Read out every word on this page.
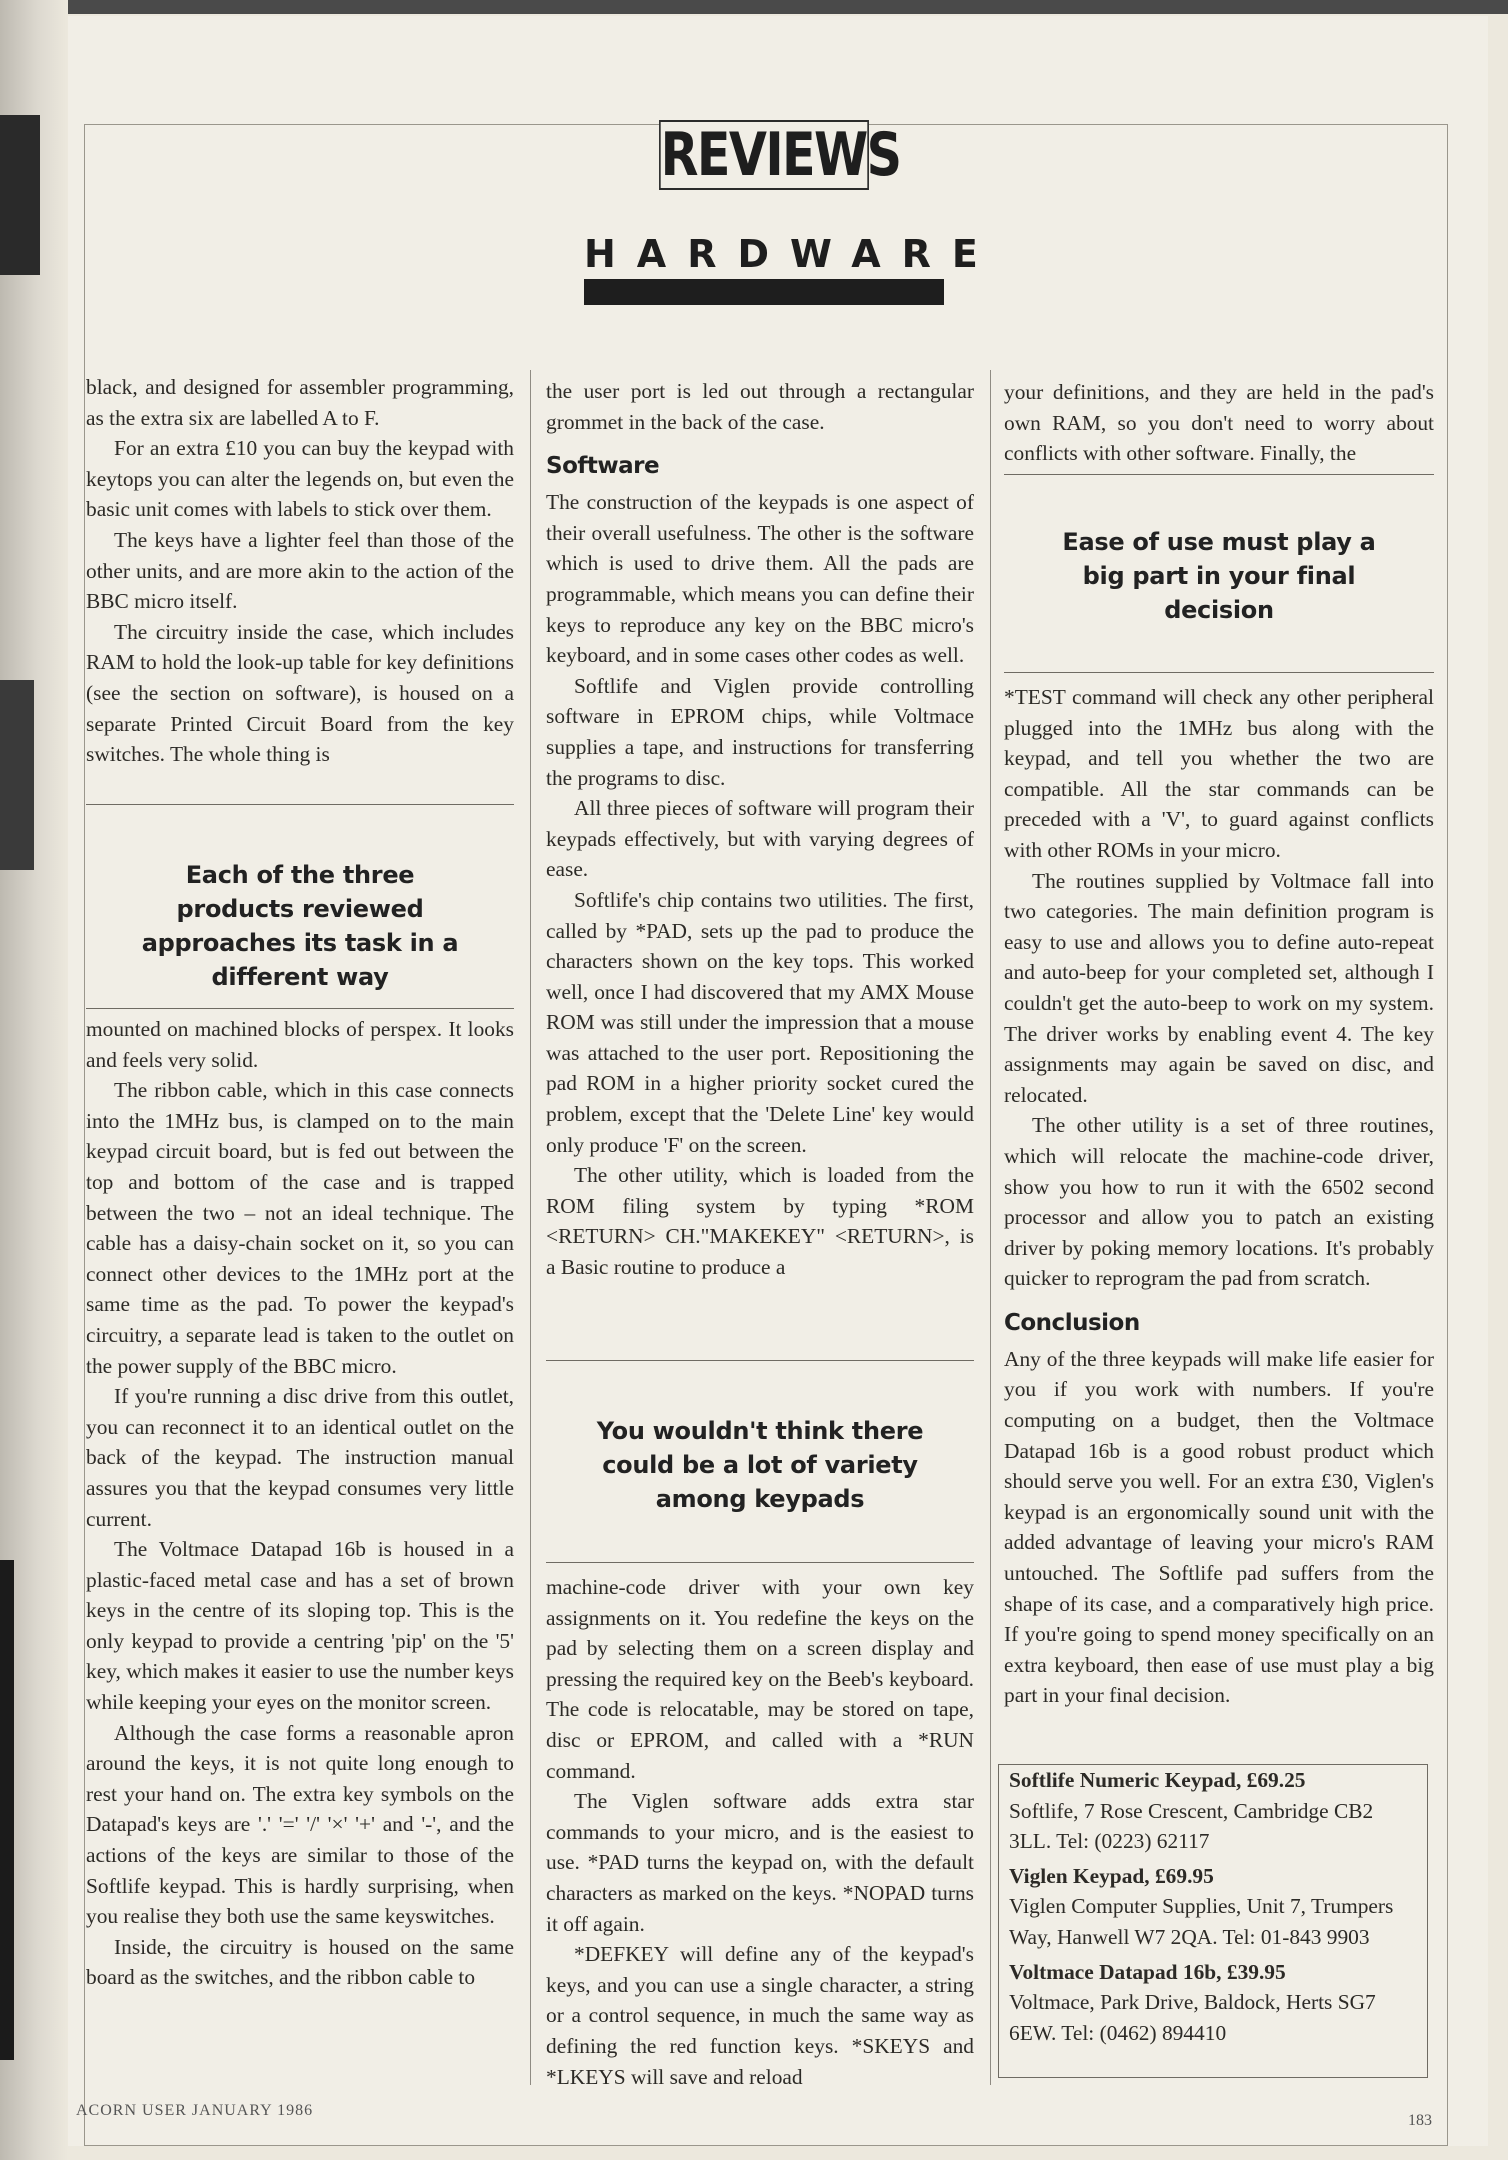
REVIEWS
HARDWARE

black, and designed for assembler programming, as the extra six are labelled A to F.

For an extra £10 you can buy the keypad with keytops you can alter the legends on, but even the basic unit comes with labels to stick over them.

The keys have a lighter feel than those of the other units, and are more akin to the action of the BBC micro itself.

The circuitry inside the case, which includes RAM to hold the look-up table for key definitions (see the section on software), is housed on a separate Printed Circuit Board from the key switches. The whole thing is

Each of the three products reviewed approaches its task in a different way

mounted on machined blocks of perspex. It looks and feels very solid.

The ribbon cable, which in this case connects into the 1MHz bus, is clamped on to the main keypad circuit board, but is fed out between the top and bottom of the case and is trapped between the two – not an ideal technique. The cable has a daisy-chain socket on it, so you can connect other devices to the 1MHz port at the same time as the pad. To power the keypad's circuitry, a separate lead is taken to the outlet on the power supply of the BBC micro.

If you're running a disc drive from this outlet, you can reconnect it to an identical outlet on the back of the keypad. The instruction manual assures you that the keypad consumes very little current.

The Voltmace Datapad 16b is housed in a plastic-faced metal case and has a set of brown keys in the centre of its sloping top. This is the only keypad to provide a centring 'pip' on the '5' key, which makes it easier to use the number keys while keeping your eyes on the monitor screen.

Although the case forms a reasonable apron around the keys, it is not quite long enough to rest your hand on. The extra key symbols on the Datapad's keys are '.' '=' '/' '×' '+' and '-', and the actions of the keys are similar to those of the Softlife keypad. This is hardly surprising, when you realise they both use the same keyswitches.

Inside, the circuitry is housed on the same board as the switches, and the ribbon cable to

the user port is led out through a rectangular grommet in the back of the case.

Software

The construction of the keypads is one aspect of their overall usefulness. The other is the software which is used to drive them. All the pads are programmable, which means you can define their keys to reproduce any key on the BBC micro's keyboard, and in some cases other codes as well.

Softlife and Viglen provide controlling software in EPROM chips, while Voltmace supplies a tape, and instructions for transferring the programs to disc.

All three pieces of software will program their keypads effectively, but with varying degrees of ease.

Softlife's chip contains two utilities. The first, called by *PAD, sets up the pad to produce the characters shown on the key tops. This worked well, once I had discovered that my AMX Mouse ROM was still under the impression that a mouse was attached to the user port. Repositioning the pad ROM in a higher priority socket cured the problem, except that the 'Delete Line' key would only produce 'F' on the screen.

The other utility, which is loaded from the ROM filing system by typing *ROM <RETURN> CH."MAKEKEY" <RETURN>, is a Basic routine to produce a

You wouldn't think there could be a lot of variety among keypads

machine-code driver with your own key assignments on it. You redefine the keys on the pad by selecting them on a screen display and pressing the required key on the Beeb's keyboard. The code is relocatable, may be stored on tape, disc or EPROM, and called with a *RUN command.

The Viglen software adds extra star commands to your micro, and is the easiest to use. *PAD turns the keypad on, with the default characters as marked on the keys. *NOPAD turns it off again.

*DEFKEY will define any of the keypad's keys, and you can use a single character, a string or a control sequence, in much the same way as defining the red function keys. *SKEYS and *LKEYS will save and reload

your definitions, and they are held in the pad's own RAM, so you don't need to worry about conflicts with other software. Finally, the

Ease of use must play a big part in your final decision

*TEST command will check any other peripheral plugged into the 1MHz bus along with the keypad, and tell you whether the two are compatible. All the star commands can be preceded with a 'V', to guard against conflicts with other ROMs in your micro.

The routines supplied by Voltmace fall into two categories. The main definition program is easy to use and allows you to define auto-repeat and auto-beep for your completed set, although I couldn't get the auto-beep to work on my system. The driver works by enabling event 4. The key assignments may again be saved on disc, and relocated.

The other utility is a set of three routines, which will relocate the machine-code driver, show you how to run it with the 6502 second processor and allow you to patch an existing driver by poking memory locations. It's probably quicker to reprogram the pad from scratch.

Conclusion

Any of the three keypads will make life easier for you if you work with numbers. If you're computing on a budget, then the Voltmace Datapad 16b is a good robust product which should serve you well. For an extra £30, Viglen's keypad is an ergonomically sound unit with the added advantage of leaving your micro's RAM untouched. The Softlife pad suffers from the shape of its case, and a comparatively high price. If you're going to spend money specifically on an extra keyboard, then ease of use must play a big part in your final decision.

Softlife Numeric Keypad, £69.25
Softlife, 7 Rose Crescent, Cambridge CB2 3LL. Tel: (0223) 62117
Viglen Keypad, £69.95
Viglen Computer Supplies, Unit 7, Trumpers Way, Hanwell W7 2QA. Tel: 01-843 9903
Voltmace Datapad 16b, £39.95
Voltmace, Park Drive, Baldock, Herts SG7 6EW. Tel: (0462) 894410
ACORN USER JANUARY 1986
183
